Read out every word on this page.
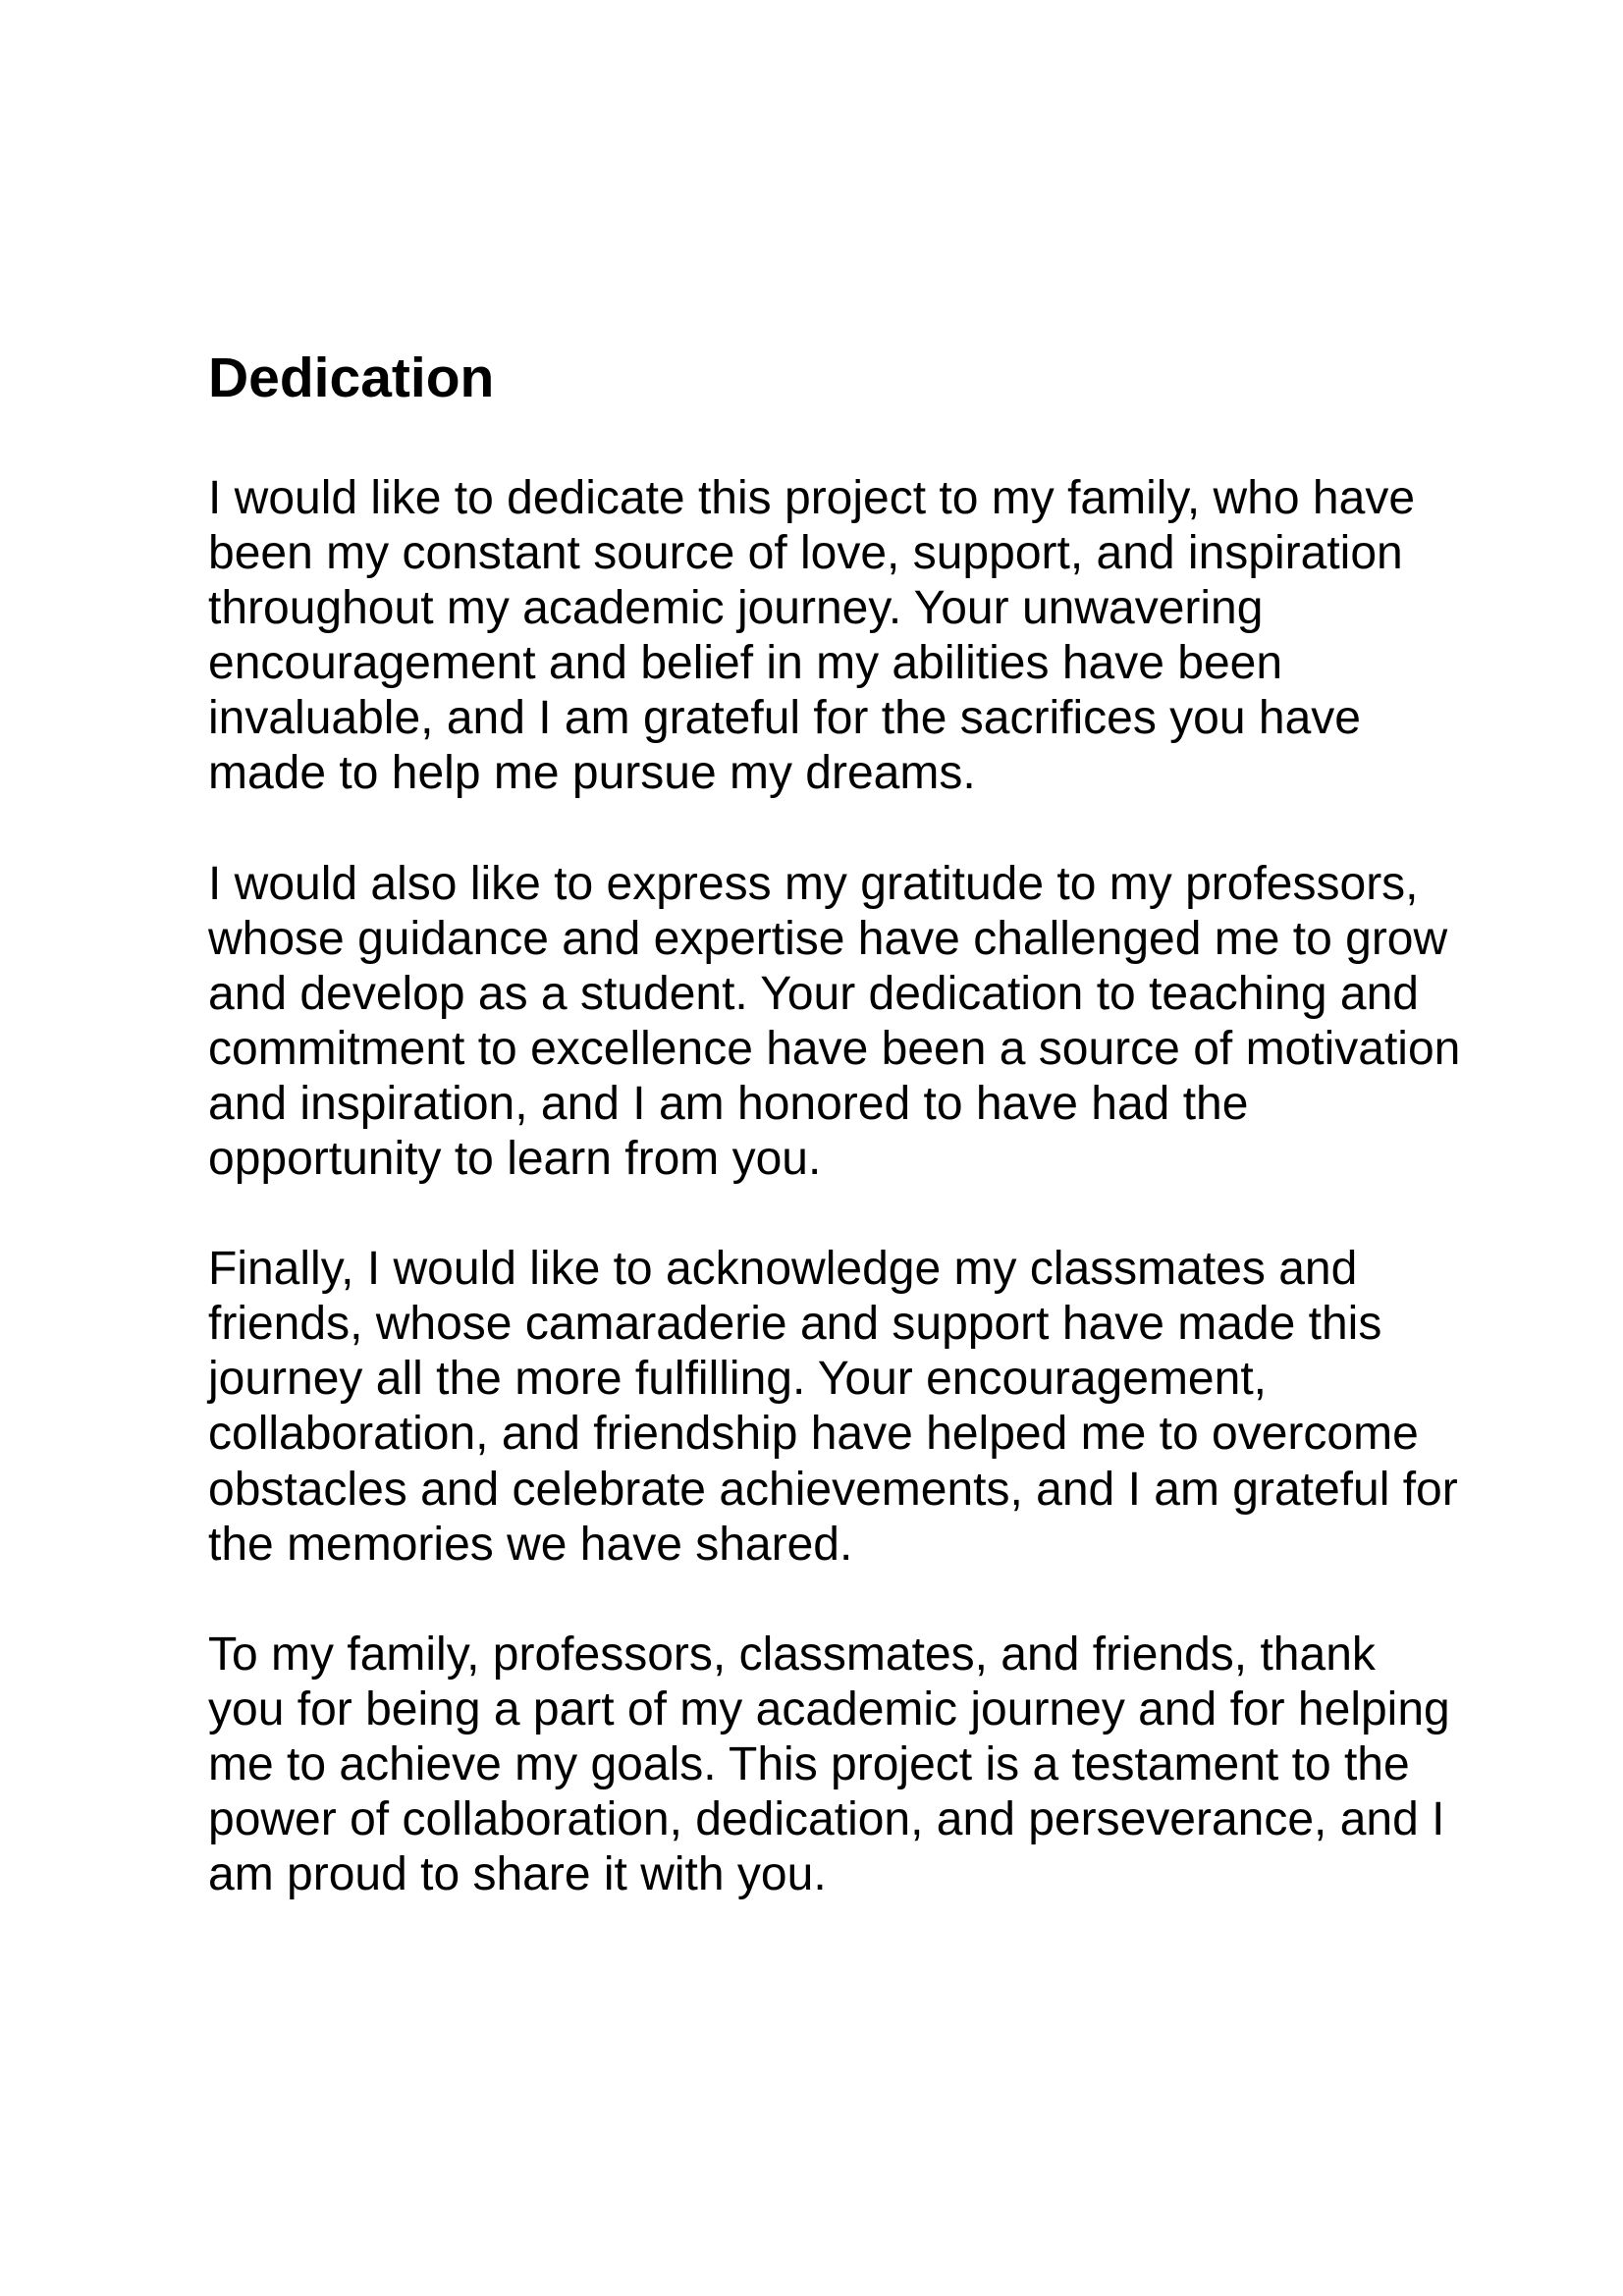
Dedication

I would like to dedicate this project to my family, who have
been my constant source of love, support, and inspiration
throughout my academic journey. Your unwavering
encouragement and belief in my abilities have been
invaluable, and I am grateful for the sacrifices you have
made to help me pursue my dreams.

I would also like to express my gratitude to my professors,
whose guidance and expertise have challenged me to grow
and develop as a student. Your dedication to teaching and
commitment to excellence have been a source of motivation
and inspiration, and I am honored to have had the
opportunity to learn from you.

Finally, I would like to acknowledge my classmates and
friends, whose camaraderie and support have made this
journey all the more fulfilling. Your encouragement,
collaboration, and friendship have helped me to overcome
obstacles and celebrate achievements, and I am grateful for
the memories we have shared.

To my family, professors, classmates, and friends, thank
you for being a part of my academic journey and for helping
me to achieve my goals. This project is a testament to the
power of collaboration, dedication, and perseverance, and I
am proud to share it with you.
